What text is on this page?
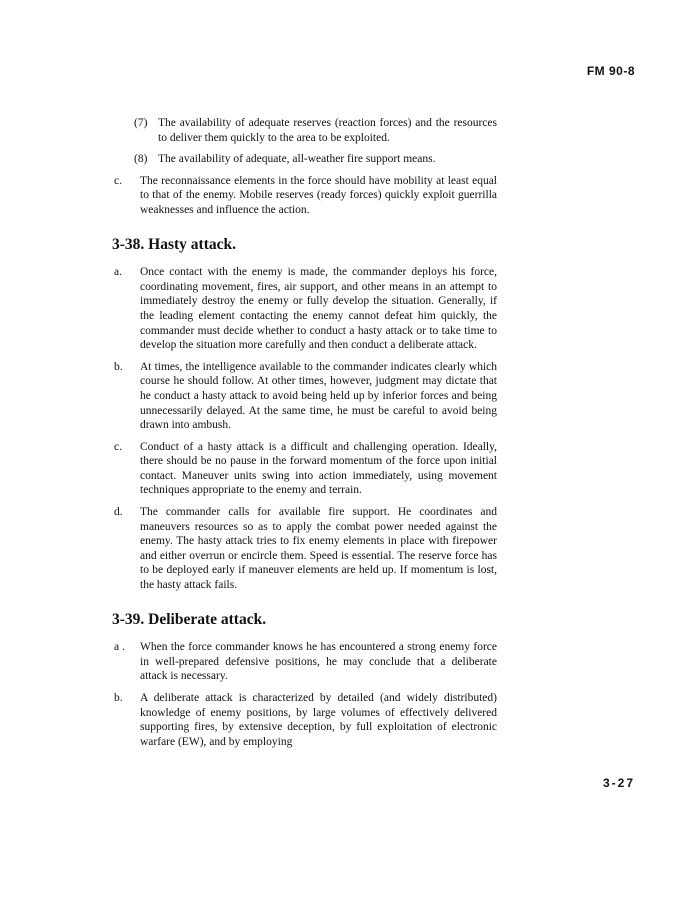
FM 90-8
(7) The availability of adequate reserves (reaction forces) and the resources to deliver them quickly to the area to be exploited.
(8) The availability of adequate, all-weather fire support means.
c. The reconnaissance elements in the force should have mobility at least equal to that of the enemy. Mobile reserves (ready forces) quickly exploit guerrilla weaknesses and influence the action.
3-38. Hasty attack.
a. Once contact with the enemy is made, the commander deploys his force, coordinating movement, fires, air support, and other means in an attempt to immediately destroy the enemy or fully develop the situation. Generally, if the leading element contacting the enemy cannot defeat him quickly, the commander must decide whether to conduct a hasty attack or to take time to develop the situation more carefully and then conduct a deliberate attack.
b. At times, the intelligence available to the commander indicates clearly which course he should follow. At other times, however, judgment may dictate that he conduct a hasty attack to avoid being held up by inferior forces and being unnecessarily delayed. At the same time, he must be careful to avoid being drawn into ambush.
c. Conduct of a hasty attack is a difficult and challenging operation. Ideally, there should be no pause in the forward momentum of the force upon initial contact. Maneuver units swing into action immediately, using movement techniques appropriate to the enemy and terrain.
d. The commander calls for available fire support. He coordinates and maneuvers resources so as to apply the combat power needed against the enemy. The hasty attack tries to fix enemy elements in place with firepower and either overrun or encircle them. Speed is essential. The reserve force has to be deployed early if maneuver elements are held up. If momentum is lost, the hasty attack fails.
3-39. Deliberate attack.
a . When the force commander knows he has encountered a strong enemy force in well-prepared defensive positions, he may conclude that a deliberate attack is necessary.
b. A deliberate attack is characterized by detailed (and widely distributed) knowledge of enemy positions, by large volumes of effectively delivered supporting fires, by extensive deception, by full exploitation of electronic warfare (EW), and by employing
3-27
